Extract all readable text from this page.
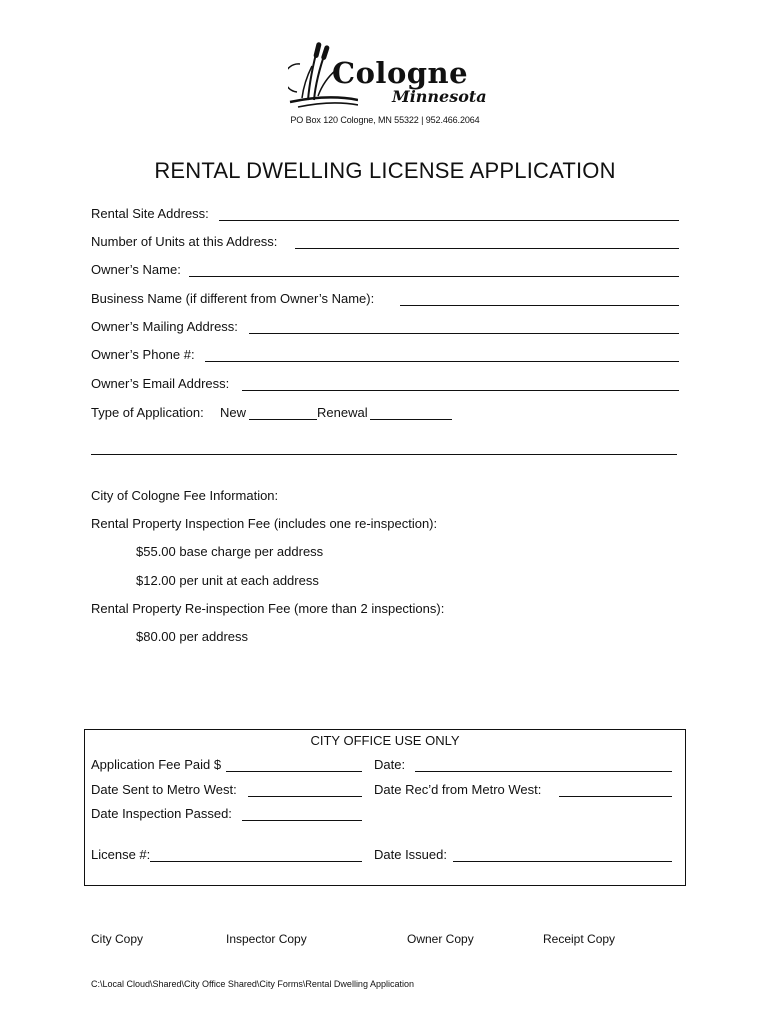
Cologne
Minnesota
PO Box 120 Cologne, MN 55322 | 952.466.2064
RENTAL DWELLING LICENSE APPLICATION
Rental Site Address:
Number of Units at this Address:
Owner’s Name:
Business Name (if different from Owner’s Name):
Owner’s Mailing Address:
Owner’s Phone #:
Owner’s Email Address:
Type of Application: New	Renewal
City of Cologne Fee Information:
Rental Property Inspection Fee (includes one re-inspection):
$55.00 base charge per address
$12.00 per unit at each address
Rental Property Re-inspection Fee (more than 2 inspections):
$80.00 per address
CITY OFFICE USE ONLY
Application Fee Paid $	Date:
Date Sent to Metro West:	Date Rec’d from Metro West:
Date Inspection Passed:
License #:	Date Issued:
City Copy	Inspector Copy	Owner Copy	Receipt Copy
C:\Local Cloud\Shared\City Office Shared\City Forms\Rental Dwelling Application
